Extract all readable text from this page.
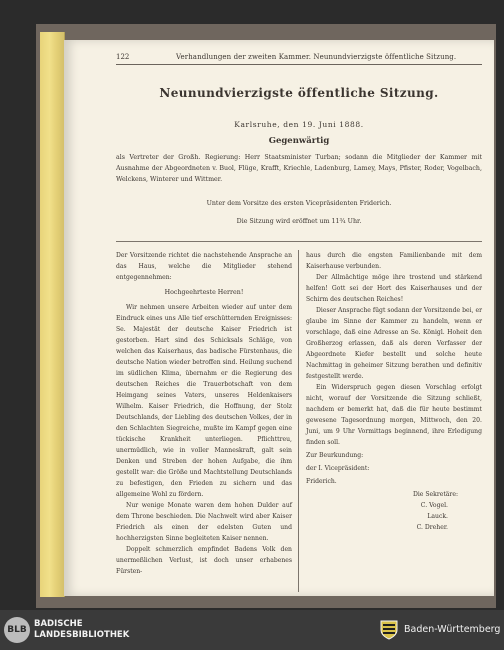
122	Verhandlungen der zweiten Kammer. Neunundvierzigste öffentliche Sitzung.
Neunundvierzigste öffentliche Sitzung.
Karlsruhe, den 19. Juni 1888.
Gegenwärtig
als Vertreter der Großh. Regierung: Herr Staatsminister Turban; sodann die Mitglieder der Kammer mit Ausnahme der Abgeordneten v. Buol, Flüge, Krafft, Kriechle, Ladenburg, Lamey, Mays, Pfister, Roder, Vogelbach, Welckens, Winterer und Wittmer.
Unter dem Vorsitze des ersten Vicepräsidenten Friderich.
Die Sitzung wird eröffnet um 11¾ Uhr.

Der Vorsitzende richtet die nachstehende Ansprache an das Haus, welche die Mitglieder stehend entgegennehmen:

Hochgeehrteste Herren!

Wir nehmen unsere Arbeiten wieder auf unter dem Eindruck eines uns Alle tief erschütternden Ereignisses: Se. Majestät der deutsche Kaiser Friedrich ist gestorben. Hart sind des Schicksals Schläge, von welchen das Kaiserhaus, das badische Fürstenhaus, die deutsche Nation wieder betroffen sind. Heilung suchend im südlichen Klima, übernahm er die Regierung des deutschen Reiches die Trauerbotschaft von dem Heimgang seines Vaters, unseres Heldenkaisers Wilhelm. Kaiser Friedrich, die Hoffnung, der Stolz Deutschlands, der Liebling des deutschen Volkes, der in den Schlachten Siegreiche, mußte im Kampf gegen eine tückische Krankheit unterliegen. Pflichttreu, unermüdlich, wie in voller Manneskraft, galt sein Denken und Streben der hohen Aufgabe, die ihm gestellt war: die Größe und Machtstellung Deutschlands zu befestigen, den Frieden zu sichern und das allgemeine Wohl zu fördern.

Nur wenige Monate waren dem hohen Dulder auf dem Throne beschieden. Die Nachwelt wird aber Kaiser Friedrich als einen der edelsten Guten und hochherzigsten Sinne begleiteten Kaiser nennen.

Doppelt schmerzlich empfindet Badens Volk den unermeßlichen Verlust, ist doch unser erhabenes Fürsten-

haus durch die engsten Familienbande mit dem Kaiserhause verbunden.

Der Allmächtige möge ihre trostend und stärkend helfen! Gott sei der Hort des Kaiserhauses und der Schirm des deutschen Reiches!

Dieser Ansprache fügt sodann der Vorsitzende bei, er glaube im Sinne der Kammer zu handeln, wenn er vorschlage, daß eine Adresse an Se. Königl. Hoheit den Großherzog erlassen, daß als deren Verfasser der Abgeordnete Kiefer bestellt und solche heute Nachmittag in geheimer Sitzung berathen und definitiv festgestellt werde.

Ein Widerspruch gegen diesen Vorschlag erfolgt nicht, worauf der Vorsitzende die Sitzung schließt, nachdem er bemerkt hat, daß die für heute bestimmt gewesene Tagesordnung morgen, Mittwoch, den 20. Juni, um 9 Uhr Vormittags beginnend, ihre Erledigung finden soll.

Zur Beurkundung:

der I. Vicepräsident:

Friderich.

Die Sekretäre:
C. Vogel.
Lauck.
C. Dreher.
BLB
BADISCHE
LANDESBIBLIOTHEK	Baden-Württemberg
